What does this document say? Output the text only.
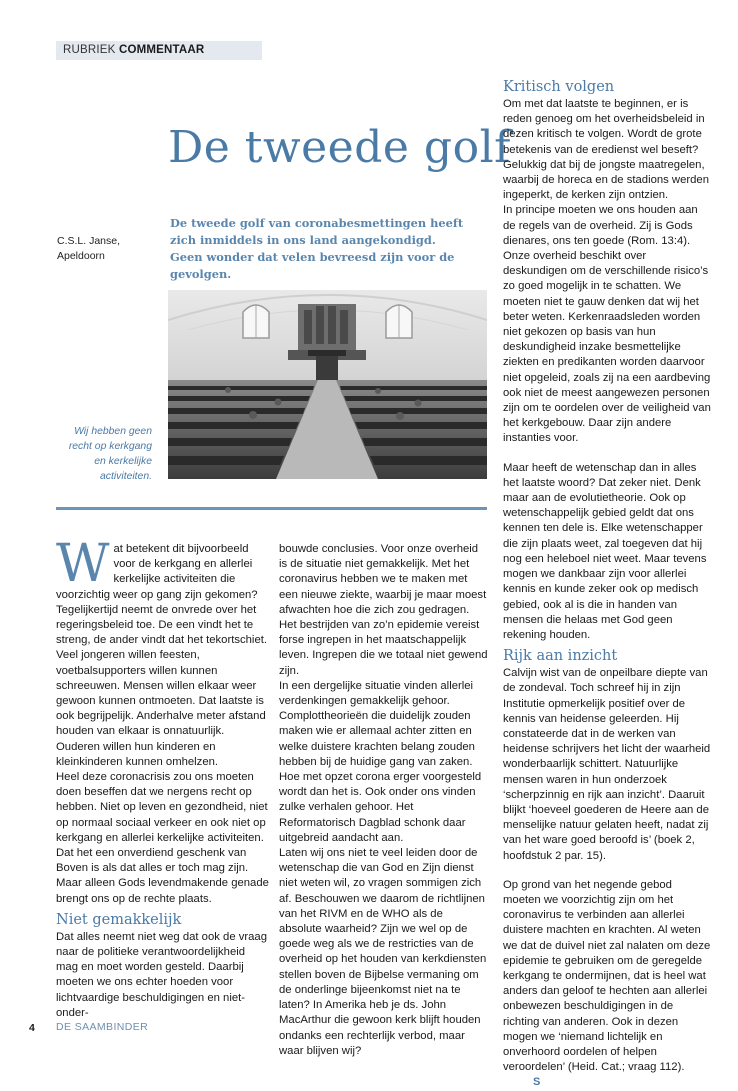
RUBRIEK COMMENTAAR
De tweede golf
C.S.L. Janse,
Apeldoorn
De tweede golf van coronabesmettingen heeft zich inmiddels in ons land aangekondigd. Geen wonder dat velen bevreesd zijn voor de gevolgen.
Wij hebben geen recht op kerkgang en kerkelijke activiteiten.

Wat betekent dit bijvoorbeeld voor de kerkgang en allerlei kerkelijke activiteiten die voorzichtig weer op gang zijn gekomen? Tegelijkertijd neemt de onvrede over het regeringsbeleid toe. De een vindt het te streng, de ander vindt dat het tekortschiet. Veel jongeren willen feesten, voetbalsupporters willen kunnen schreeuwen. Mensen willen elkaar weer gewoon kunnen ontmoeten. Dat laatste is ook begrijpelijk. Anderhalve meter afstand houden van elkaar is onnatuurlijk. Ouderen willen hun kinderen en kleinkinderen kunnen omhelzen.

Heel deze coronacrisis zou ons moeten doen beseffen dat we nergens recht op hebben. Niet op leven en gezondheid, niet op normaal sociaal verkeer en ook niet op kerkgang en allerlei kerkelijke activiteiten. Dat het een onverdiend geschenk van Boven is als dat alles er toch mag zijn. Maar alleen Gods levendmakende genade brengt ons op de rechte plaats.

Niet gemakkelijk

Dat alles neemt niet weg dat ook de vraag naar de politieke verantwoordelijkheid mag en moet worden gesteld. Daarbij moeten we ons echter hoeden voor lichtvaardige beschuldigingen en niet-onder-

bouwde conclusies. Voor onze overheid is de situatie niet gemakkelijk. Met het coronavirus hebben we te maken met een nieuwe ziekte, waarbij je maar moest afwachten hoe die zich zou gedragen. Het bestrijden van zo’n epidemie vereist forse ingrepen in het maatschappelijk leven. Ingrepen die we totaal niet gewend zijn.

In een dergelijke situatie vinden allerlei verdenkingen gemakkelijk gehoor. Complottheorieën die duidelijk zouden maken wie er allemaal achter zitten en welke duistere krachten belang zouden hebben bij de huidige gang van zaken. Hoe met opzet corona erger voorgesteld wordt dan het is. Ook onder ons vinden zulke verhalen gehoor. Het Reformatorisch Dagblad schonk daar uitgebreid aandacht aan.

Laten wij ons niet te veel leiden door de wetenschap die van God en Zijn dienst niet weten wil, zo vragen sommigen zich af. Beschouwen we daarom de richtlijnen van het RIVM en de WHO als de absolute waarheid? Zijn we wel op de goede weg als we de restricties van de overheid op het houden van kerkdiensten stellen boven de Bijbelse vermaning om de onderlinge bijeenkomst niet na te laten? In Amerika heb je ds. John MacArthur die gewoon kerk blijft houden ondanks een rechterlijk verbod, maar waar blijven wij?

Kritisch volgen

Om met dat laatste te beginnen, er is reden genoeg om het overheidsbeleid in dezen kritisch te volgen. Wordt de grote betekenis van de eredienst wel beseft? Gelukkig dat bij de jongste maatregelen, waarbij de horeca en de stadions werden ingeperkt, de kerken zijn ontzien.

In principe moeten we ons houden aan de regels van de overheid. Zij is Gods dienares, ons ten goede (Rom. 13:4). Onze overheid beschikt over deskundigen om de verschillende risico’s zo goed mogelijk in te schatten. We moeten niet te gauw denken dat wij het beter weten. Kerkenraadsleden worden niet gekozen op basis van hun deskundigheid inzake besmettelijke ziekten en predikanten worden daarvoor niet opgeleid, zoals zij na een aardbeving ook niet de meest aangewezen personen zijn om te oordelen over de veiligheid van het kerkgebouw. Daar zijn andere instanties voor.

Maar heeft de wetenschap dan in alles het laatste woord? Dat zeker niet. Denk maar aan de evolutietheorie. Ook op wetenschappelijk gebied geldt dat ons kennen ten dele is. Elke wetenschapper die zijn plaats weet, zal toegeven dat hij nog een heleboel niet weet. Maar tevens mogen we dankbaar zijn voor allerlei kennis en kunde zeker ook op medisch gebied, ook al is die in handen van mensen die helaas met God geen rekening houden.

Rijk aan inzicht

Calvijn wist van de onpeilbare diepte van de zondeval. Toch schreef hij in zijn Institutie opmerkelijk positief over de kennis van heidense geleerden. Hij constateerde dat in de werken van heidense schrijvers het licht der waarheid wonderbaarlijk schittert. Natuurlijke mensen waren in hun onderzoek ‘scherpzinnig en rijk aan inzicht’. Daaruit blijkt ‘hoeveel goederen de Heere aan de menselijke natuur gelaten heeft, nadat zij van het ware goed beroofd is’ (boek 2, hoofdstuk 2 par. 15).

Op grond van het negende gebod moeten we voorzichtig zijn om het coronavirus te verbinden aan allerlei duistere machten en krachten. Al weten we dat de duivel niet zal nalaten om deze epidemie te gebruiken om de geregelde kerkgang te ondermijnen, dat is heel wat anders dan geloof te hechten aan allerlei onbewezen beschuldigingen in de richting van anderen. Ook in dezen mogen we ‘niemand lichtelijk en onverhoord oordelen of helpen veroordelen’ (Heid. Cat.; vraag 112).S

4 DE SAAMBINDER
